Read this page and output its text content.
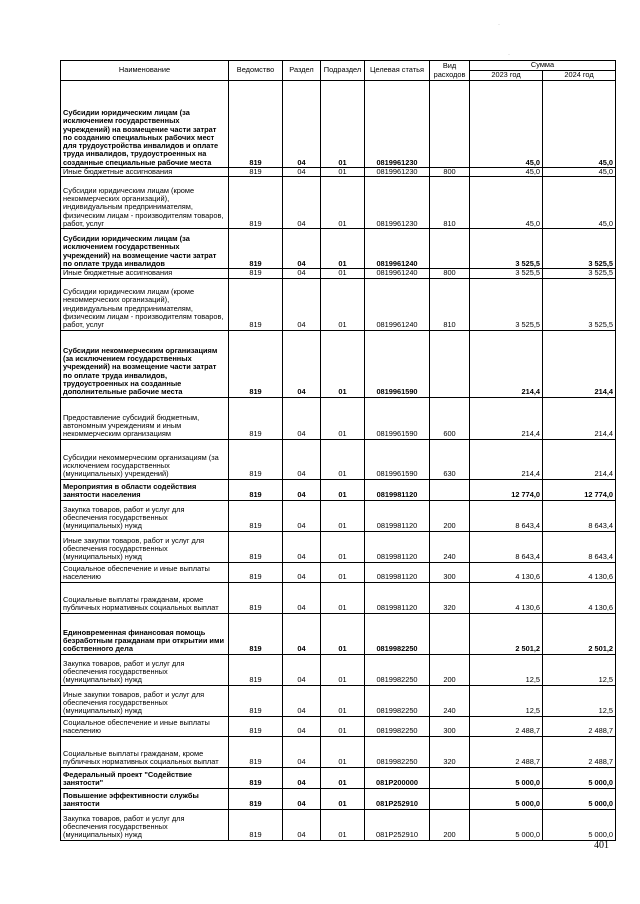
·
·
Наименование	Ведомство	Раздел	Подраздел	Целевая статья	Вид расходов	Сумма	
						2023 год	2024 год
Субсидии юридическим лицам (за исключением государственных учреждений) на возмещение части затрат по созданию специальных рабочих мест для трудоустройства инвалидов и оплате труда инвалидов, трудоустроенных на созданные специальные рабочие места	819	04	01	0819961230		45,0	45,0
Иные бюджетные ассигнования	819	04	01	0819961230	800	45,0	45,0
Субсидии юридическим лицам (кроме некоммерческих организаций), индивидуальным предпринимателям, физическим лицам - производителям товаров, работ, услуг	819	04	01	0819961230	810	45,0	45,0
Субсидии юридическим лицам (за исключением государственных учреждений) на возмещение части затрат по оплате труда инвалидов	819	04	01	0819961240		3 525,5	3 525,5
Иные бюджетные ассигнования	819	04	01	0819961240	800	3 525,5	3 525,5
Субсидии юридическим лицам (кроме некоммерческих организаций), индивидуальным предпринимателям, физическим лицам - производителям товаров, работ, услуг	819	04	01	0819961240	810	3 525,5	3 525,5
Субсидии некоммерческим организациям (за исключением государственных учреждений) на возмещение части затрат по оплате труда инвалидов, трудоустроенных на созданные дополнительные рабочие места	819	04	01	0819961590		214,4	214,4
Предоставление субсидий бюджетным, автономным учреждениям и иным некоммерческим организациям	819	04	01	0819961590	600	214,4	214,4
Субсидии некоммерческим организациям (за исключением государственных (муниципальных) учреждений)	819	04	01	0819961590	630	214,4	214,4
Мероприятия в области содействия занятости населения	819	04	01	0819981120		12 774,0	12 774,0
Закупка товаров, работ и услуг для обеспечения государственных (муниципальных) нужд	819	04	01	0819981120	200	8 643,4	8 643,4
Иные закупки товаров, работ и услуг для обеспечения государственных (муниципальных) нужд	819	04	01	0819981120	240	8 643,4	8 643,4
Социальное обеспечение и иные выплаты населению	819	04	01	0819981120	300	4 130,6	4 130,6
Социальные выплаты гражданам, кроме публичных нормативных социальных выплат	819	04	01	0819981120	320	4 130,6	4 130,6
Единовременная финансовая помощь безработным гражданам при открытии ими собственного дела	819	04	01	0819982250		2 501,2	2 501,2
Закупка товаров, работ и услуг для обеспечения государственных (муниципальных) нужд	819	04	01	0819982250	200	12,5	12,5
Иные закупки товаров, работ и услуг для обеспечения государственных (муниципальных) нужд	819	04	01	0819982250	240	12,5	12,5
Социальное обеспечение и иные выплаты населению	819	04	01	0819982250	300	2 488,7	2 488,7
Социальные выплаты гражданам, кроме публичных нормативных социальных выплат	819	04	01	0819982250	320	2 488,7	2 488,7
Федеральный проект "Содействие занятости"	819	04	01	081P200000		5 000,0	5 000,0
Повышение эффективности службы занятости	819	04	01	081P252910		5 000,0	5 000,0
Закупка товаров, работ и услуг для обеспечения государственных (муниципальных) нужд	819	04	01	081P252910	200	5 000,0	5 000,0
401
